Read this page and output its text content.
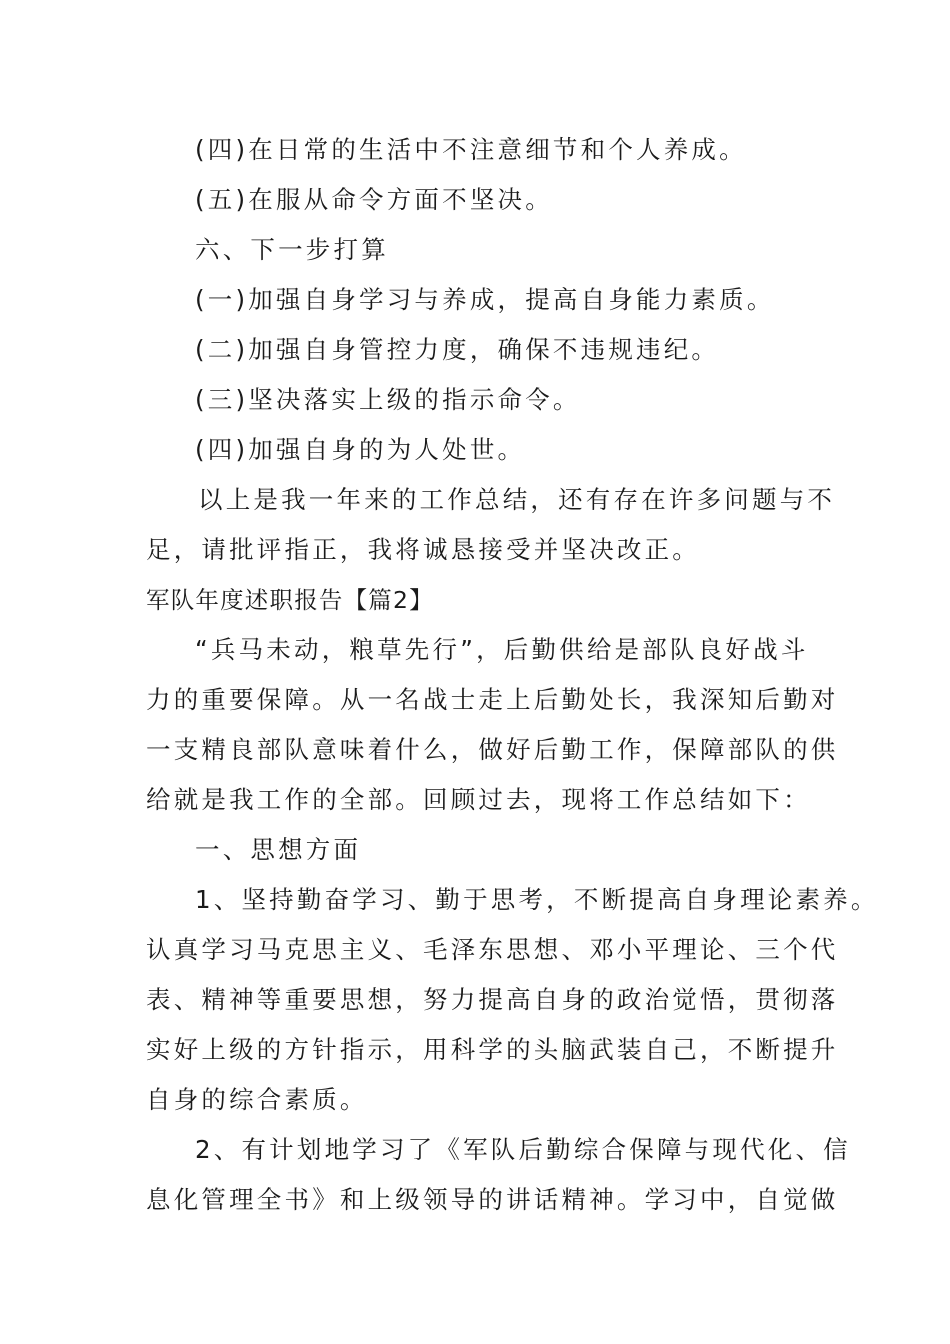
(四)在日常的生活中不注意细节和个人养成。
(五)在服从命令方面不坚决。
六、下一步打算
(一)加强自身学习与养成，提高自身能力素质。
(二)加强自身管控力度，确保不违规违纪。
(三)坚决落实上级的指示命令。
(四)加强自身的为人处世。
以上是我一年来的工作总结，还有存在许多问题与不
足，请批评指正，我将诚恳接受并坚决改正。
军队年度述职报告【篇2】
“兵马未动，粮草先行”，后勤供给是部队良好战斗
力的重要保障。从一名战士走上后勤处长，我深知后勤对
一支精良部队意味着什么，做好后勤工作，保障部队的供
给就是我工作的全部。回顾过去，现将工作总结如下：
一、思想方面
1、坚持勤奋学习、勤于思考，不断提高自身理论素养。
认真学习马克思主义、毛泽东思想、邓小平理论、三个代
表、精神等重要思想，努力提高自身的政治觉悟，贯彻落
实好上级的方针指示，用科学的头脑武装自己，不断提升
自身的综合素质。
2、有计划地学习了《军队后勤综合保障与现代化、信
息化管理全书》和上级领导的讲话精神。学习中，自觉做
